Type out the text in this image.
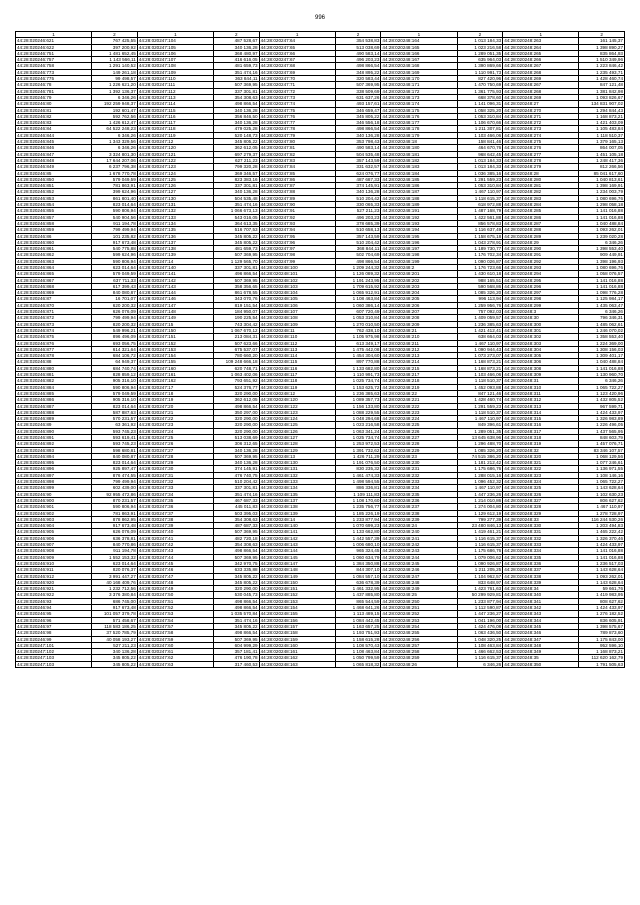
996
1	2	1	2	1	2	1	2	1	2
44:28:020246:621	767 425,55	44:28:020247:104	487 528,67	44:28:020247:64	354 538,83	44:28:020248:164	1 013 184,33	44:28:020248:263	161 145,37
44:28:020246:622	397 200,92	44:28:020247:105	340 136,28	44:28:020247:65	513 038,69	44:28:020248:165	1 023 216,58	44:28:020248:264	1 398 890,27
44:28:020246:751	1 481 652,45	44:28:020247:106	368 480,97	44:28:020247:66	490 583,14	44:28:020248:166	1 289 051,35	44:28:020248:265	835 864,93
44:28:020246:757	1 143 566,11	44:28:020247:107	416 616,05	44:28:020247:67	496 203,23	44:28:020248:167	635 964,03	44:28:020248:266	1 510 349,96
44:28:020246:758	1 291 140,52	44:28:020247:108	481 659,73	44:28:020247:68	498 866,54	44:28:020248:168	1 390 869,66	44:28:020248:267	1 223 846,42
44:28:020246:773	149 261,18	44:28:020247:109	351 474,16	44:28:020247:69	348 895,22	44:28:020248:169	1 110 991,73	44:28:020248:268	1 235 493,71
44:28:020246:775	99 498,57	44:28:020247:110	363 844,11	44:28:020247:70	320 583,44	44:28:020248:170	827 420,96	44:28:020248:269	1 428 460,74
44:28:020246:78	1 226 621,20	44:28:020247:111	507 369,95	44:28:020247:71	507 369,95	44:28:020248:171	1 470 750,69	44:28:020248:267	847 121,48
44:28:020246:781	1 392 136,37	44:28:020247:112	337 301,81	44:28:020247:72	338 509,69	44:28:020248:172	1 361 775,93	44:28:020248:268	1 381 842,98
44:28:020246:79	6 346,26	44:28:020247:113	354 308,63	44:28:020247:73	631 637,26	44:28:020248:173	668 378,60	44:28:020248:269	1 093 826,67
44:28:020246:80	192 259 948,37	44:28:020247:114	498 866,54	44:28:020247:74	493 157,61	44:28:020248:174	1 141 096,31	44:28:020248:27	134 831 907,02
44:28:020246:81	192 601,47	44:28:020247:115	340 136,28	44:28:020247:75	346 659,47	44:28:020248:175	1 058 325,20	44:28:020248:270	1 294 844,43
44:28:020246:82	592 762,56	44:28:020247:116	356 846,50	44:28:020247:76	345 805,22	44:28:020248:176	1 053 310,84	44:28:020248:271	1 168 873,21
44:28:020246:83	1 426 612,47	44:28:020247:117	340 136,28	44:28:020247:77	346 556,18	44:28:020248:177	1 106 670,66	44:28:020248:272	1 421 403,09
44:28:020246:84	64 522 248,23	44:28:020247:118	479 025,28	44:28:020247:78	498 866,54	44:28:020248:178	1 211 307,81	44:28:020248:273	1 105 483,84
44:28:020246:844	6 346,26	44:28:020247:119	520 148,73	44:28:020247:79	340 136,28	44:28:020248:179	1 103 466,06	44:28:020248:274	1 118 510,37
44:28:020246:845	1 343 329,56	44:28:020247:12	345 805,22	44:28:020247:80	353 798,43	44:28:020248:18	158 841,46	44:28:020248:275	1 379 165,13
44:28:020246:846	6 346,26	44:28:020247:120	362 612,05	44:28:020247:81	490 583,14	44:28:020248:180	464 670,76	44:28:020248:276	864 007,05
44:28:020246:847	3 324 801,30	44:28:020247:121	697 279,37	44:28:020247:82	504 535,48	44:28:020248:181	968 642,45	44:28:020248:277	1 451 105,18
44:28:020246:848	17 644 207,06	44:28:020247:122	627 211,23	44:28:020247:83	357 143,59	44:28:020248:182	1 013 184,33	44:28:020248:278	1 248 417,36
44:28:020246:849	6 237 796,38	44:28:020247:123	799 320,28	44:28:020247:84	331 632,57	44:28:020248:183	1 013 184,33	44:28:020248:279	812 266,56
44:28:020246:85	1 678 770,78	44:28:020247:124	369 346,57	44:28:020247:85	624 076,77	44:28:020248:184	1 036 385,16	44:28:020248:28	85 041 617,60
44:28:020246:850	579 049,59	44:28:020247:125	823 383,16	44:28:020247:86	487 687,33	44:28:020248:185	1 291 559,23	44:28:020248:280	1 040 813,61
44:28:020246:851	781 863,91	44:28:020247:126	337 301,81	44:28:020247:87	374 145,91	44:28:020248:186	1 053 310,84	44:28:020248:281	1 398 169,91
44:28:020246:852	399 624,96	44:28:020247:127	340 136,28	44:28:020247:88	340 136,28	44:28:020248:187	1 467 110,97	44:28:020248:282	1 234 003,79
44:28:020246:853	861 801,40	44:28:020247:130	504 535,48	44:28:020247:89	510 204,42	44:28:020248:188	1 118 615,37	44:28:020248:283	1 080 696,76
44:28:020246:854	823 014,64	44:28:020247:131	351 474,16	44:28:020247:90	330 065,33	44:28:020248:189	618 972,88	44:28:020248:284	1 298 058,18
44:28:020246:855	590 806,94	44:28:020247:132	1 066 673,13	44:28:020247:91	527 211,23	44:28:020248:191	1 487 168,79	44:28:020248:285	1 141 016,88
44:28:020246:857	540 904,56	44:28:020247:133	543 016,05	44:28:020247:92	496 203,23	44:28:020248:192	1 422 561,88	44:28:020248:286	1 141 016,88
44:28:020246:858	911 194,78	44:28:020247:134	364 613,35	44:28:020247:93	378 685,39	44:28:020248:193	856 578,83	44:28:020248:287	1 040 488,84
44:28:020246:859	799 499,94	44:28:020247:135	516 707,53	44:28:020247:94	510 658,13	44:28:020248:194	1 116 637,49	44:28:020248:288	1 093 262,01
44:28:020246:86	101 235,82	44:28:020247:136	345 805,22	44:28:020247:95	357 143,59	44:28:020248:195	1 158 675,18	44:28:020248:289	1 239 020,28
44:28:020246:860	917 673,48	44:28:020247:137	345 805,22	44:28:020247:96	510 204,42	44:28:020248:196	1 043 278,91	44:28:020248:29	6 346,26
44:28:020246:861	540 775,88	44:28:020247:138	481 659,73	44:28:020247:97	368 844,11	44:28:020248:197	1 189 730,77	44:28:020248:290	1 398 553,40
44:28:020246:862	599 624,96	44:28:020247:139	507 369,95	44:28:020247:98	502 704,69	44:28:020248:198	1 176 702,34	44:28:020248:291	909 449,91
44:28:020246:863	590 806,94	44:28:020247:14	1 129 565,70	44:28:020247:99	498 866,54	44:28:020248:199	1 090 026,87	44:28:020248:292	1 398 196,93
44:28:020246:864	623 014,64	44:28:020247:140	337 301,81	44:28:020248:100	1 209 244,32	44:28:020248:2	1 176 723,66	44:28:020248:293	1 080 696,76
44:28:020246:865	579 049,59	44:28:020247:141	496 866,54	44:28:020248:101	1 126 089,32	44:28:020248:201	1 430 610,18	44:28:020248:294	1 058 076,57
44:28:020246:867	637 711,33	44:28:020247:142	507 369,95	44:28:020248:102	1 191 243,95	44:28:020248:202	988 165,51	44:28:020248:295	1 141 016,88
44:28:020246:868	617 399,43	44:28:020247:143	358 356,65	44:28:020248:103	1 709 615,92	44:28:020248:203	590 568,86	44:28:020248:296	1 141 016,88
44:28:020246:869	840 080,87	44:28:020247:144	861 678,55	44:28:020248:104	1 065 912,91	44:28:020248:204	1 085 326,20	44:28:020248:297	1 098 776,28
44:28:020246:87	16 701,07	44:28:020247:146	343 070,76	44:28:020248:105	1 108 463,84	44:28:020248:205	996 113,94	44:28:020248:298	1 125 984,17
44:28:020246:870	620 200,32	44:28:020247:147	819 151,54	44:28:020248:106	1 060 386,14	44:28:020248:206	1 259 956,76	44:28:020248:299	1 435 063,47
44:28:020246:871	626 076,09	44:28:020247:148	184 950,07	44:28:020248:107	607 720,49	44:28:020248:207	757 092,03	44:28:020248:3	6 346,26
44:28:020246:872	799 499,94	44:28:020247:149	190 225,54	44:28:020248:108	1 053 310,84	44:28:020248:208	1 409 059,57	44:28:020248:30	796 346,31
44:28:020246:873	820 200,32	44:28:020247:15	743 304,42	44:28:020248:109	1 270 010,50	44:28:020248:209	1 236 385,63	44:28:020248:300	1 485 062,61
44:28:020246:874	549 996,21	44:28:020247:150	1 067 670,12	44:28:020248:11	762 438,10	44:28:020248:21	1 421 412,41	44:28:020248:301	1 246 070,02
44:28:020246:875	896 496,09	44:28:020247:151	213 084,31	44:28:020248:110	1 105 975,98	44:28:020248:210	638 664,03	44:28:020248:302	1 358 553,40
44:28:020246:876	693 056,75	44:28:020247:152	507 623,66	44:28:020248:112	613 349,17	44:28:020248:211	1 467 110,97	44:28:020248:303	1 224 369,00
44:28:020246:877	614 321,64	44:28:020247:153	675 537,07	44:28:020248:113	1 475 442,08	44:28:020248:212	1 090 944,43	44:28:020248:304	1 308 156,03
44:28:020246:878	684 106,72	44:28:020247:154	780 660,20	44:28:020248:114	1 454 304,60	44:28:020248:213	1 073 273,07	44:28:020248:305	1 309 401,17
44:28:020246:88	64 949,37	44:28:020247:155	109 248 666,18	44:28:020248:115	897 770,88	44:28:020248:214	1 168 873,21	44:28:020248:306	1 040 488,84
44:28:020246:880	684 740,74	44:28:020247:160	620 748,71	44:28:020248:116	1 133 682,80	44:28:020248:215	1 168 873,21	44:28:020248:308	1 141 016,88
44:28:020246:881	828 859,12	44:28:020247:161	1 063 402,06	44:28:020248:117	1 110 991,73	44:28:020248:217	1 103 466,06	44:28:020248:309	1 130 960,70
44:28:020246:882	905 316,10	44:28:020247:162	793 651,92	44:28:020248:118	1 025 734,74	44:28:020248:218	1 118 510,37	44:28:020248:31	6 346,26
44:28:020246:884	590 806,94	44:28:020247:17	524 376,77	44:28:020248:119	1 153 625,72	44:28:020248:219	1 452 093,88	44:28:020248:310	1 065 722,27
44:28:020246:885	579 049,59	44:28:020247:18	320 290,00	44:28:020248:12	1 236 385,63	44:28:020248:22	847 121,46	44:28:020248:311	1 123 420,96
44:28:020246:886	905 316,10	44:28:020247:19	362 612,05	44:28:020248:120	1 089 357,73	44:28:020248:221	1 428 460,74	44:28:020248:312	1 432 805,52
44:28:020246:887	823 014,64	44:28:020247:20	498 866,54	44:28:020248:122	1 156 133,80	44:28:020248:222	1 291 559,23	44:28:020248:313	967 599,71
44:28:020246:888	587 887,63	44:28:020247:21	350 297,00	44:28:020248:123	1 088 229,55	44:28:020248:223	1 118 510,37	44:28:020248:314	1 424 433,97
44:28:020246:889	570 231,57	44:28:020247:22	320 290,00	44:28:020248:124	1 048 294,68	44:28:020248:224	1 467 110,97	44:28:020248:315	1 326 983,89
44:28:020246:89	63 361,92	44:28:020247:23	320 290,00	44:28:020248:125	1 023 216,58	44:28:020248:225	849 396,61	44:28:020248:316	1 226 496,05
44:28:020246:890	593 745,23	44:28:020247:24	320 290,00	44:28:020248:126	1 063 341,24	44:28:020248:226	1 289 051,35	44:28:020248:317	1 437 565,95
44:28:020246:891	593 619,41	44:28:020247:25	513 038,69	44:28:020248:127	1 025 734,74	44:28:020248:227	13 645 638,96	44:28:020248:318	848 603,79
44:28:020246:892	593 745,23	44:28:020247:26	306 312,65	44:28:020248:128	1 253 972,53	44:28:020248:228	1 296 488,70	44:28:020248:319	1 457 076,71
44:28:020246:893	598 680,81	44:28:020247:27	340 136,28	44:28:020248:129	1 391 732,62	44:28:020248:229	1 085 326,20	44:28:020248:32	83 346 107,57
44:28:020246:894	840 080,87	44:28:020247:28	507 369,95	44:28:020248:13	1 426 711,29	44:28:020248:23	74 515 386,20	44:28:020248:320	1 068 129,56
44:28:020246:895	823 014,64	44:28:020247:29	340 136,28	44:28:020248:130	1 191 076,50	44:28:020248:230	1 181 212,42	44:28:020248:321	1 077 246,61
44:28:020246:896	925 897,47	44:28:020247:30	374 145,91	44:28:020248:131	830 235,32	44:28:020248:231	1 175 686,76	44:28:020248:322	1 136 971,55
44:28:020246:897	876 474,55	44:28:020247:31	476 740,75	44:28:020248:132	1 461 474,33	44:28:020248:232	1 288 015,16	44:28:020248:323	1 108 146,16
44:28:020246:898	799 499,94	44:28:020247:32	510 204,42	44:28:020248:133	1 498 594,55	44:28:020248:233	1 096 452,32	44:28:020248:324	1 065 722,27
44:28:020246:899	602 439,00	44:28:020247:33	337 301,81	44:28:020248:134	886 336,81	44:28:020248:234	1 467 110,97	44:28:020248:325	1 143 628,64
44:28:020246:90	92 955 472,86	44:28:020247:34	351 474,16	44:28:020248:135	1 109 111,83	44:28:020248:235	1 447 236,26	44:28:020248:326	1 102 630,23
44:28:020246:900	870 231,57	44:28:020247:35	467 687,33	44:28:020248:137	1 108 170,60	44:28:020248:236	1 214 010,86	44:28:020248:327	806 627,62
44:28:020246:901	590 806,94	44:28:020247:36	445 011,83	44:28:020248:138	1 235 756,77	44:28:020248:237	1 274 004,80	44:28:020248:328	1 467 110,97
44:28:020246:902	781 863,91	44:28:020247:37	503 395,03	44:28:020248:139	1 185 226,19	44:28:020248:238	1 129 612,19	44:28:020248:329	1 278 728,97
44:28:020246:903	878 862,95	44:28:020247:38	354 308,63	44:28:020248:14	1 233 877,94	44:28:020248:239	799 277,39	44:28:020248:33	116 244 530,26
44:28:020246:904	917 673,48	44:28:020247:39	487 687,33	44:28:020248:140	1 070 699,23	44:28:020248:24	23 480 846,13	44:28:020248:330	1 203 494,83
44:28:020246:905	626 076,09	44:28:020247:40	507 369,95	44:28:020248:141	1 133 662,80	44:28:020248:240	1 419 461,21	44:28:020248:331	1 465 222,42
44:28:020246:906	636 378,81	44:28:020247:41	482 720,18	44:28:020248:142	1 442 557,39	44:28:020248:241	1 116 615,37	44:28:020248:332	1 326 370,46
44:28:020246:907	840 770,86	44:28:020247:42	354 308,63	44:28:020248:143	1 006 680,10	44:28:020248:242	1 116 615,37	44:28:020248:333	1 424 433,97
44:28:020246:908	911 194,78	44:28:020247:43	498 866,54	44:28:020248:144	965 324,45	44:28:020248:243	1 175 686,76	44:28:020248:334	1 141 016,88
44:28:020246:909	1 552 153,32	44:28:020247:44	507 369,95	44:28:020248:145	1 060 634,79	44:28:020248:244	1 079 006,62	44:28:020248:335	1 141 016,88
44:28:020246:910	623 014,64	44:28:020247:45	342 970,75	44:28:020248:147	1 384 350,88	44:28:020248:245	1 090 926,87	44:28:020248:336	1 236 517,03
44:28:020246:911	820 076,37	44:28:020247:46	633 335,88	44:28:020248:148	844 307,10	44:28:020248:246	1 211 205,25	44:28:020248:337	1 143 628,64
44:28:020246:912	3 991 447,27	44:28:020247:47	345 805,22	44:28:020248:149	1 084 557,10	44:28:020248:247	1 104 962,57	44:28:020248:338	1 093 262,01
44:28:020246:920	40 168 409,76	44:28:020247:48	345 805,22	44:28:020248:150	636 678,39	44:28:020248:248	833 648,97	44:28:020248:339	1 143 628,64
44:28:020246:921	1 232 712,56	44:28:020247:49	320 290,00	44:28:020248:151	1 461 332,95	44:28:020248:249	1 423 761,63	44:28:020248:34	59 661,76
44:28:020246:922	3 376 380,84	44:28:020247:50	530 045,73	44:28:020248:152	1 437 885,80	44:28:020248:25	50 299 929,81	44:28:020248:340	1 419 983,95
44:28:020246:93	686 745,00	44:28:020247:51	498 866,54	44:28:020248:153	865 544,59	44:28:020248:250	1 233 877,94	44:28:020248:341	808 627,62
44:28:020246:94	917 673,48	44:28:020247:52	498 866,54	44:28:020248:154	1 468 641,26	44:28:020248:251	1 112 590,87	44:28:020248:342	1 424 433,97
44:28:020246:95	101 057 379,78	44:28:020247:53	1 035 570,84	44:28:020248:155	1 113 489,15	44:28:020248:252	1 447 236,27	44:28:020248:343	1 276 182,52
44:28:020246:96	571 458,67	44:28:020247:54	351 474,16	44:28:020248:156	1 084 442,45	44:28:020248:253	1 041 196,00	44:28:020248:344	836 605,91
44:28:020246:97	118 583 186,25	44:28:020247:57	345 805,22	44:28:020248:157	1 163 657,25	44:28:020248:254	1 424 476,08	44:28:020248:345	1 398 575,67
44:28:020246:98	37 520 785,79	44:28:020247:58	498 866,54	44:28:020248:158	1 193 751,93	44:28:020248:255	1 063 436,50	44:28:020248:346	789 873,60
44:28:020246:99	40 058 193,27	44:28:020247:59	507 369,95	44:28:020248:159	1 158 615,28	44:28:020248:256	1 048 320,25	44:28:020248:347	1 175 843,00
44:28:020247:101	527 211,23	44:28:020247:60	604 999,29	44:28:020248:160	1 108 570,43	44:28:020248:257	1 108 463,84	44:28:020248:348	952 596,10
44:28:020247:102	340 136,28	44:28:020247:61	357 181,41	44:28:020248:161	1 108 463,84	44:28:020248:258	1 466 662,53	44:28:020248:349	1 168 873,21
44:28:020247:103	345 805,22	44:28:020247:62	476 190,78	44:28:020248:162	1 050 799,59	44:28:020248:259	1 116 615,37	44:28:020248:35	112 620 162,79
44:28:020247:103	345 805,22	44:28:020247:63	317 460,53	44:28:020248:163	1 065 818,32	44:28:020248:26	6 346,26	44:28:020248:350	1 791 505,63
